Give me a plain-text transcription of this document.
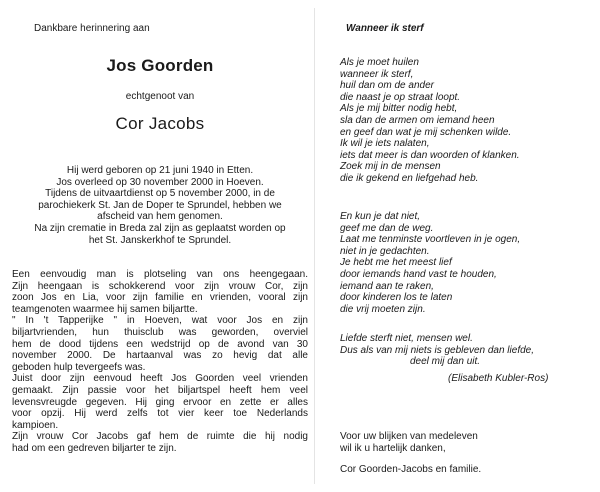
Dankbare herinnering aan
Jos Goorden
echtgenoot van
Cor Jacobs
Hij werd geboren op 21 juni 1940 in Etten.
Jos overleed op 30 november 2000 in Hoeven.
Tijdens de uitvaartdienst op 5 november 2000, in de
parochiekerk St. Jan de Doper te Sprundel, hebben we
afscheid van hem genomen.
Na zijn crematie in Breda zal zijn as geplaatst worden op
het St. Janskerkhof te Sprundel.
Een eenvoudig man is plotseling van ons heengegaan.
Zijn heengaan is schokkerend voor zijn vrouw Cor, zijn
zoon Jos en Lia, voor zijn familie en vrienden, vooral zijn
teamgenoten waarmee hij samen biljartte.
" In 't Tapperijke " in Hoeven, wat voor Jos en zijn
biljartvrienden, hun thuisclub was geworden, overviel
hem de dood tijdens een wedstrijd op de avond van 30
november 2000. De hartaanval was zo hevig dat alle
geboden hulp tevergeefs was.
Juist door zijn eenvoud heeft Jos Goorden veel vrienden
gemaakt. Zijn passie voor het biljartspel heeft hem veel
levensvreugde gegeven. Hij ging ervoor en zette er alles
voor opzij. Hij werd zelfs tot vier keer toe Nederlands
kampioen.
Zijn vrouw Cor Jacobs gaf hem de ruimte die hij nodig
had om een gedreven biljarter te zijn.
Wanneer ik sterf
Als je moet huilen
wanneer ik sterf,
huil dan om de ander
die naast je op straat loopt.
Als je mij bitter nodig hebt,
sla dan de armen om iemand heen
en geef dan wat je mij schenken wilde.
Ik wil je iets nalaten,
iets dat meer is dan woorden of klanken.
Zoek mij in de mensen
die ik gekend en liefgehad heb.
En kun je dat niet,
geef me dan de weg.
Laat me tenminste voortleven in je ogen,
niet in je gedachten.
Je hebt me het meest lief
door iemands hand vast te houden,
iemand aan te raken,
door kinderen los te laten
die vrij moeten zijn.
Liefde sterft niet, mensen wel.
Dus als van mij niets is gebleven dan liefde,
deel mij dan uit.
(Elisabeth Kubler-Ros)
Voor uw blijken van medeleven
wil ik u hartelijk danken,
Cor Goorden-Jacobs en familie.
